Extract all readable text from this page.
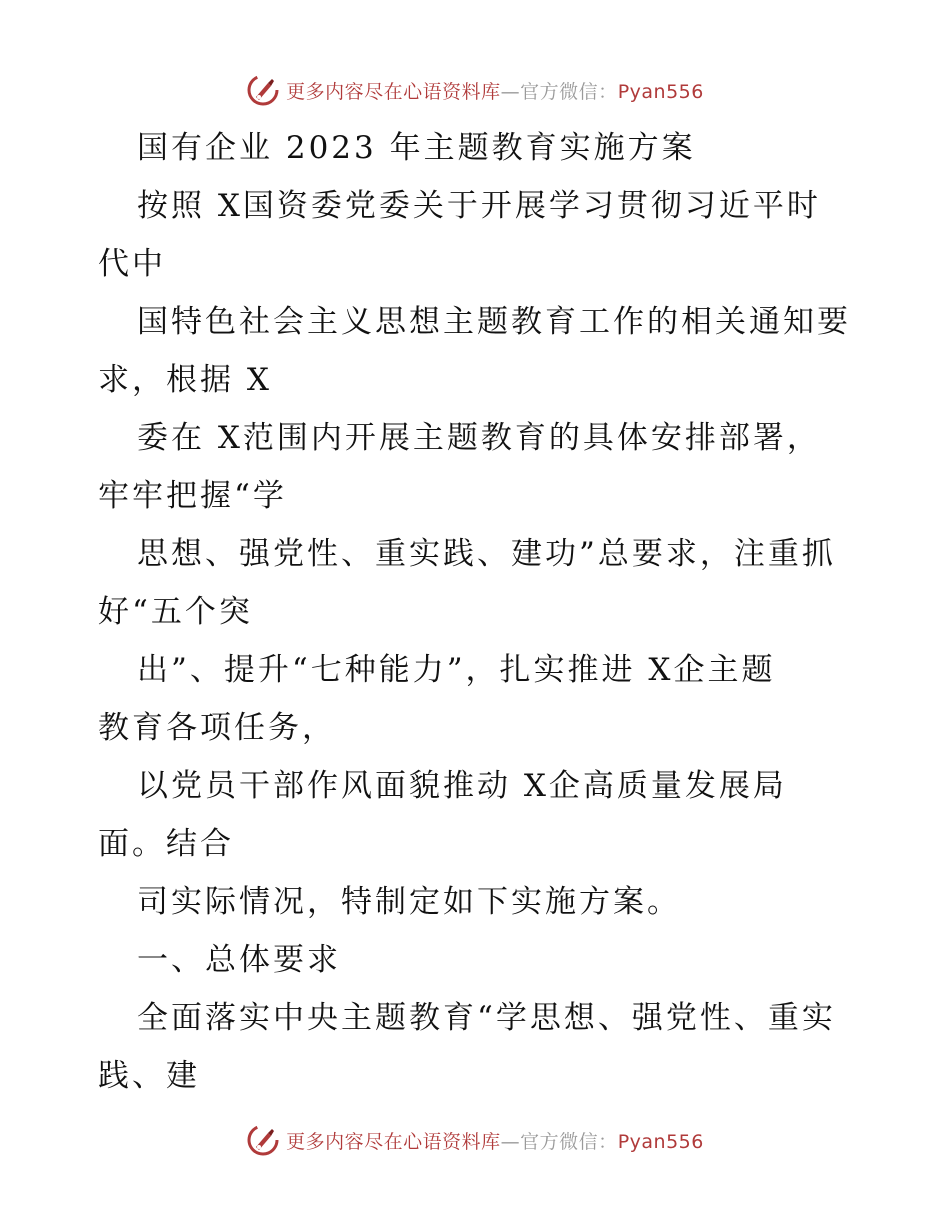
更多内容尽在心语资料库—官方微信：Pyan556
国有企业 2023 年主题教育实施方案
按照 X国资委党委关于开展学习贯彻习近平时
代中
国特色社会主义思想主题教育工作的相关通知要
求，根据 X
委在 X范围内开展主题教育的具体安排部署，
牢牢把握“学
思想、强党性、重实践、建功”总要求，注重抓
好“五个突
出”、提升“七种能力”，扎实推进 X企主题
教育各项任务，
以党员干部作风面貌推动 X企高质量发展局
面。结合
司实际情况，特制定如下实施方案。
一、总体要求
全面落实中央主题教育“学思想、强党性、重实
践、建
更多内容尽在心语资料库—官方微信：Pyan556
